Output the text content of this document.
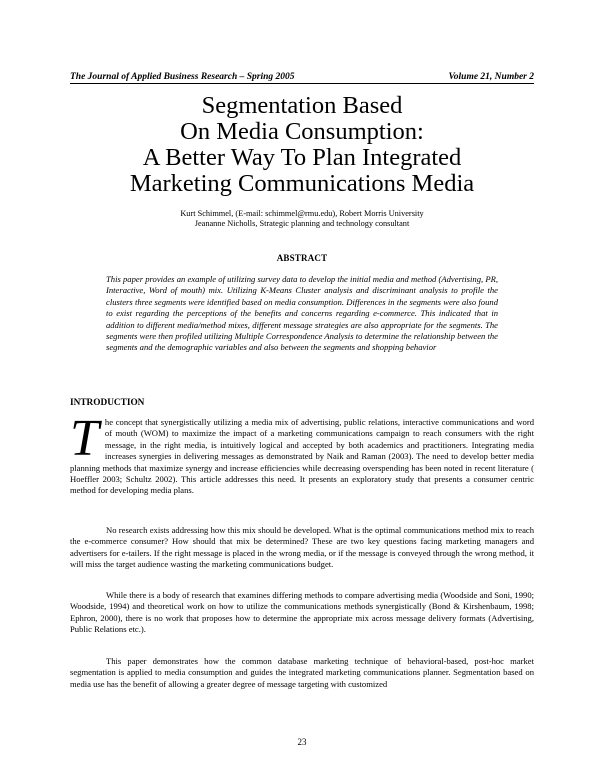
The Journal of Applied Business Research – Spring 2005	Volume 21, Number 2
Segmentation Based
On Media Consumption:
A Better Way To Plan Integrated
Marketing Communications Media
Kurt Schimmel, (E-mail: schimmel@rmu.edu), Robert Morris University
Jeananne Nicholls, Strategic planning and technology consultant
ABSTRACT
This paper provides an example of utilizing survey data to develop the initial media and method (Advertising, PR, Interactive, Word of mouth) mix. Utilizing K-Means Cluster analysis and discriminant analysis to profile the clusters three segments were identified based on media consumption. Differences in the segments were also found to exist regarding the perceptions of the benefits and concerns regarding e-commerce. This indicated that in addition to different media/method mixes, different message strategies are also appropriate for the segments. The segments were then profiled utilizing Multiple Correspondence Analysis to determine the relationship between the segments and the demographic variables and also between the segments and shopping behavior
INTRODUCTION
The concept that synergistically utilizing a media mix of advertising, public relations, interactive communications and word of mouth (WOM) to maximize the impact of a marketing communications campaign to reach consumers with the right message, in the right media, is intuitively logical and accepted by both academics and practitioners. Integrating media increases synergies in delivering messages as demonstrated by Naik and Raman (2003). The need to develop better media planning methods that maximize synergy and increase efficiencies while decreasing overspending has been noted in recent literature ( Hoeffler 2003; Schultz 2002). This article addresses this need. It presents an exploratory study that presents a consumer centric method for developing media plans.
No research exists addressing how this mix should be developed. What is the optimal communications method mix to reach the e-commerce consumer? How should that mix be determined? These are two key questions facing marketing managers and advertisers for e-tailers. If the right message is placed in the wrong media, or if the message is conveyed through the wrong method, it will miss the target audience wasting the marketing communications budget.
While there is a body of research that examines differing methods to compare advertising media (Woodside and Soni, 1990; Woodside, 1994) and theoretical work on how to utilize the communications methods synergistically (Bond & Kirshenbaum, 1998; Ephron, 2000), there is no work that proposes how to determine the appropriate mix across message delivery formats (Advertising, Public Relations etc.).
This paper demonstrates how the common database marketing technique of behavioral-based, post-hoc market segmentation is applied to media consumption and guides the integrated marketing communications planner. Segmentation based on media use has the benefit of allowing a greater degree of message targeting with customized
23
